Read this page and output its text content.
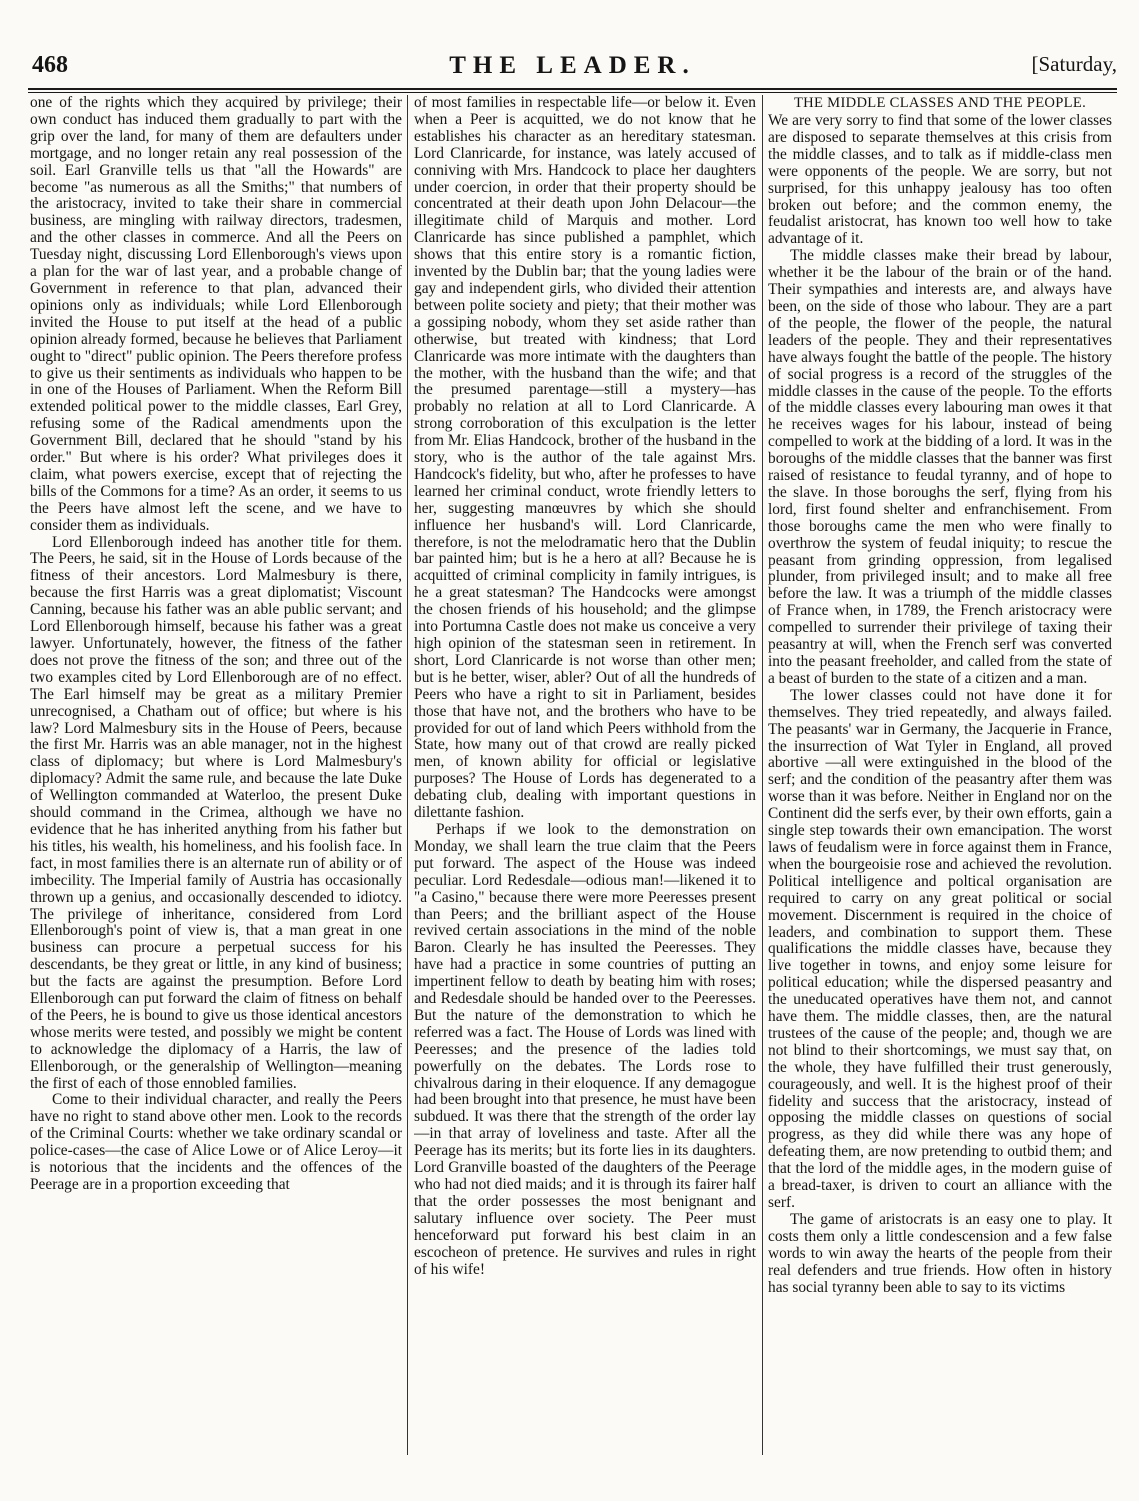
468	THE LEADER.	[Saturday,

one of the rights which they acquired by privilege; their own conduct has induced them gradually to part with the grip over the land, for many of them are defaulters under mortgage, and no longer retain any real possession of the soil. Earl Granville tells us that "all the Howards" are become "as numerous as all the Smiths;" that numbers of the aristocracy, invited to take their share in commercial business, are mingling with railway directors, tradesmen, and the other classes in commerce. And all the Peers on Tuesday night, discussing Lord Ellenborough's views upon a plan for the war of last year, and a probable change of Government in reference to that plan, advanced their opinions only as individuals; while Lord Ellenborough invited the House to put itself at the head of a public opinion already formed, because he believes that Parliament ought to "direct" public opinion. The Peers therefore profess to give us their sentiments as individuals who happen to be in one of the Houses of Parliament. When the Reform Bill extended political power to the middle classes, Earl Grey, refusing some of the Radical amendments upon the Government Bill, declared that he should "stand by his order." But where is his order? What privileges does it claim, what powers exercise, except that of rejecting the bills of the Commons for a time? As an order, it seems to us the Peers have almost left the scene, and we have to consider them as individuals.

Lord Ellenborough indeed has another title for them. The Peers, he said, sit in the House of Lords because of the fitness of their ancestors. Lord Malmesbury is there, because the first Harris was a great diplomatist; Viscount Canning, because his father was an able public servant; and Lord Ellenborough himself, because his father was a great lawyer. Unfortunately, however, the fitness of the father does not prove the fitness of the son; and three out of the two examples cited by Lord Ellenborough are of no effect. The Earl himself may be great as a military Premier unrecognised, a Chatham out of office; but where is his law? Lord Malmesbury sits in the House of Peers, because the first Mr. Harris was an able manager, not in the highest class of diplomacy; but where is Lord Malmesbury's diplomacy? Admit the same rule, and because the late Duke of Wellington commanded at Waterloo, the present Duke should command in the Crimea, although we have no evidence that he has inherited anything from his father but his titles, his wealth, his homeliness, and his foolish face. In fact, in most families there is an alternate run of ability or of imbecility. The Imperial family of Austria has occasionally thrown up a genius, and occasionally descended to idiotcy. The privilege of inheritance, considered from Lord Ellenborough's point of view is, that a man great in one business can procure a perpetual success for his descendants, be they great or little, in any kind of business; but the facts are against the presumption. Before Lord Ellenborough can put forward the claim of fitness on behalf of the Peers, he is bound to give us those identical ancestors whose merits were tested, and possibly we might be content to acknowledge the diplomacy of a Harris, the law of Ellenborough, or the generalship of Wellington—meaning the first of each of those ennobled families.

Come to their individual character, and really the Peers have no right to stand above other men. Look to the records of the Criminal Courts: whether we take ordinary scandal or police-cases—the case of Alice Lowe or of Alice Leroy—it is notorious that the incidents and the offences of the Peerage are in a proportion exceeding that

of most families in respectable life—or below it. Even when a Peer is acquitted, we do not know that he establishes his character as an hereditary statesman. Lord Clanricarde, for instance, was lately accused of conniving with Mrs. Handcock to place her daughters under coercion, in order that their property should be concentrated at their death upon John Delacour—the illegitimate child of Marquis and mother. Lord Clanricarde has since published a pamphlet, which shows that this entire story is a romantic fiction, invented by the Dublin bar; that the young ladies were gay and independent girls, who divided their attention between polite society and piety; that their mother was a gossiping nobody, whom they set aside rather than otherwise, but treated with kindness; that Lord Clanricarde was more intimate with the daughters than the mother, with the husband than the wife; and that the presumed parentage—still a mystery—has probably no relation at all to Lord Clanricarde. A strong corroboration of this exculpation is the letter from Mr. Elias Handcock, brother of the husband in the story, who is the author of the tale against Mrs. Handcock's fidelity, but who, after he professes to have learned her criminal conduct, wrote friendly letters to her, suggesting manœuvres by which she should influence her husband's will. Lord Clanricarde, therefore, is not the melodramatic hero that the Dublin bar painted him; but is he a hero at all? Because he is acquitted of criminal complicity in family intrigues, is he a great statesman? The Handcocks were amongst the chosen friends of his household; and the glimpse into Portumna Castle does not make us conceive a very high opinion of the statesman seen in retirement. In short, Lord Clanricarde is not worse than other men; but is he better, wiser, abler? Out of all the hundreds of Peers who have a right to sit in Parliament, besides those that have not, and the brothers who have to be provided for out of land which Peers withhold from the State, how many out of that crowd are really picked men, of known ability for official or legislative purposes? The House of Lords has degenerated to a debating club, dealing with important questions in dilettante fashion.

Perhaps if we look to the demonstration on Monday, we shall learn the true claim that the Peers put forward. The aspect of the House was indeed peculiar. Lord Redesdale—odious man!—likened it to "a Casino," because there were more Peeresses present than Peers; and the brilliant aspect of the House revived certain associations in the mind of the noble Baron. Clearly he has insulted the Peeresses. They have had a practice in some countries of putting an impertinent fellow to death by beating him with roses; and Redesdale should be handed over to the Peeresses. But the nature of the demonstration to which he referred was a fact. The House of Lords was lined with Peeresses; and the presence of the ladies told powerfully on the debates. The Lords rose to chivalrous daring in their eloquence. If any demagogue had been brought into that presence, he must have been subdued. It was there that the strength of the order lay—in that array of loveliness and taste. After all the Peerage has its merits; but its forte lies in its daughters. Lord Granville boasted of the daughters of the Peerage who had not died maids; and it is through its fairer half that the order possesses the most benignant and salutary influence over society. The Peer must henceforward put forward his best claim in an escocheon of pretence. He survives and rules in right of his wife!

THE MIDDLE CLASSES AND THE PEOPLE.

We are very sorry to find that some of the lower classes are disposed to separate themselves at this crisis from the middle classes, and to talk as if middle-class men were opponents of the people. We are sorry, but not surprised, for this unhappy jealousy has too often broken out before; and the common enemy, the feudalist aristocrat, has known too well how to take advantage of it.

The middle classes make their bread by labour, whether it be the labour of the brain or of the hand. Their sympathies and interests are, and always have been, on the side of those who labour. They are a part of the people, the flower of the people, the natural leaders of the people. They and their representatives have always fought the battle of the people. The history of social progress is a record of the struggles of the middle classes in the cause of the people. To the efforts of the middle classes every labouring man owes it that he receives wages for his labour, instead of being compelled to work at the bidding of a lord. It was in the boroughs of the middle classes that the banner was first raised of resistance to feudal tyranny, and of hope to the slave. In those boroughs the serf, flying from his lord, first found shelter and enfranchisement. From those boroughs came the men who were finally to overthrow the system of feudal iniquity; to rescue the peasant from grinding oppression, from legalised plunder, from privileged insult; and to make all free before the law. It was a triumph of the middle classes of France when, in 1789, the French aristocracy were compelled to surrender their privilege of taxing their peasantry at will, when the French serf was converted into the peasant freeholder, and called from the state of a beast of burden to the state of a citizen and a man.

The lower classes could not have done it for themselves. They tried repeatedly, and always failed. The peasants' war in Germany, the Jacquerie in France, the insurrection of Wat Tyler in England, all proved abortive —all were extinguished in the blood of the serf; and the condition of the peasantry after them was worse than it was before. Neither in England nor on the Continent did the serfs ever, by their own efforts, gain a single step towards their own emancipation. The worst laws of feudalism were in force against them in France, when the bourgeoisie rose and achieved the revolution. Political intelligence and poltical organisation are required to carry on any great political or social movement. Discernment is required in the choice of leaders, and combination to support them. These qualifications the middle classes have, because they live together in towns, and enjoy some leisure for political education; while the dispersed peasantry and the uneducated operatives have them not, and cannot have them. The middle classes, then, are the natural trustees of the cause of the people; and, though we are not blind to their shortcomings, we must say that, on the whole, they have fulfilled their trust generously, courageously, and well. It is the highest proof of their fidelity and success that the aristocracy, instead of opposing the middle classes on questions of social progress, as they did while there was any hope of defeating them, are now pretending to outbid them; and that the lord of the middle ages, in the modern guise of a bread-taxer, is driven to court an alliance with the serf.

The game of aristocrats is an easy one to play. It costs them only a little condescension and a few false words to win away the hearts of the people from their real defenders and true friends. How often in history has social tyranny been able to say to its victims
